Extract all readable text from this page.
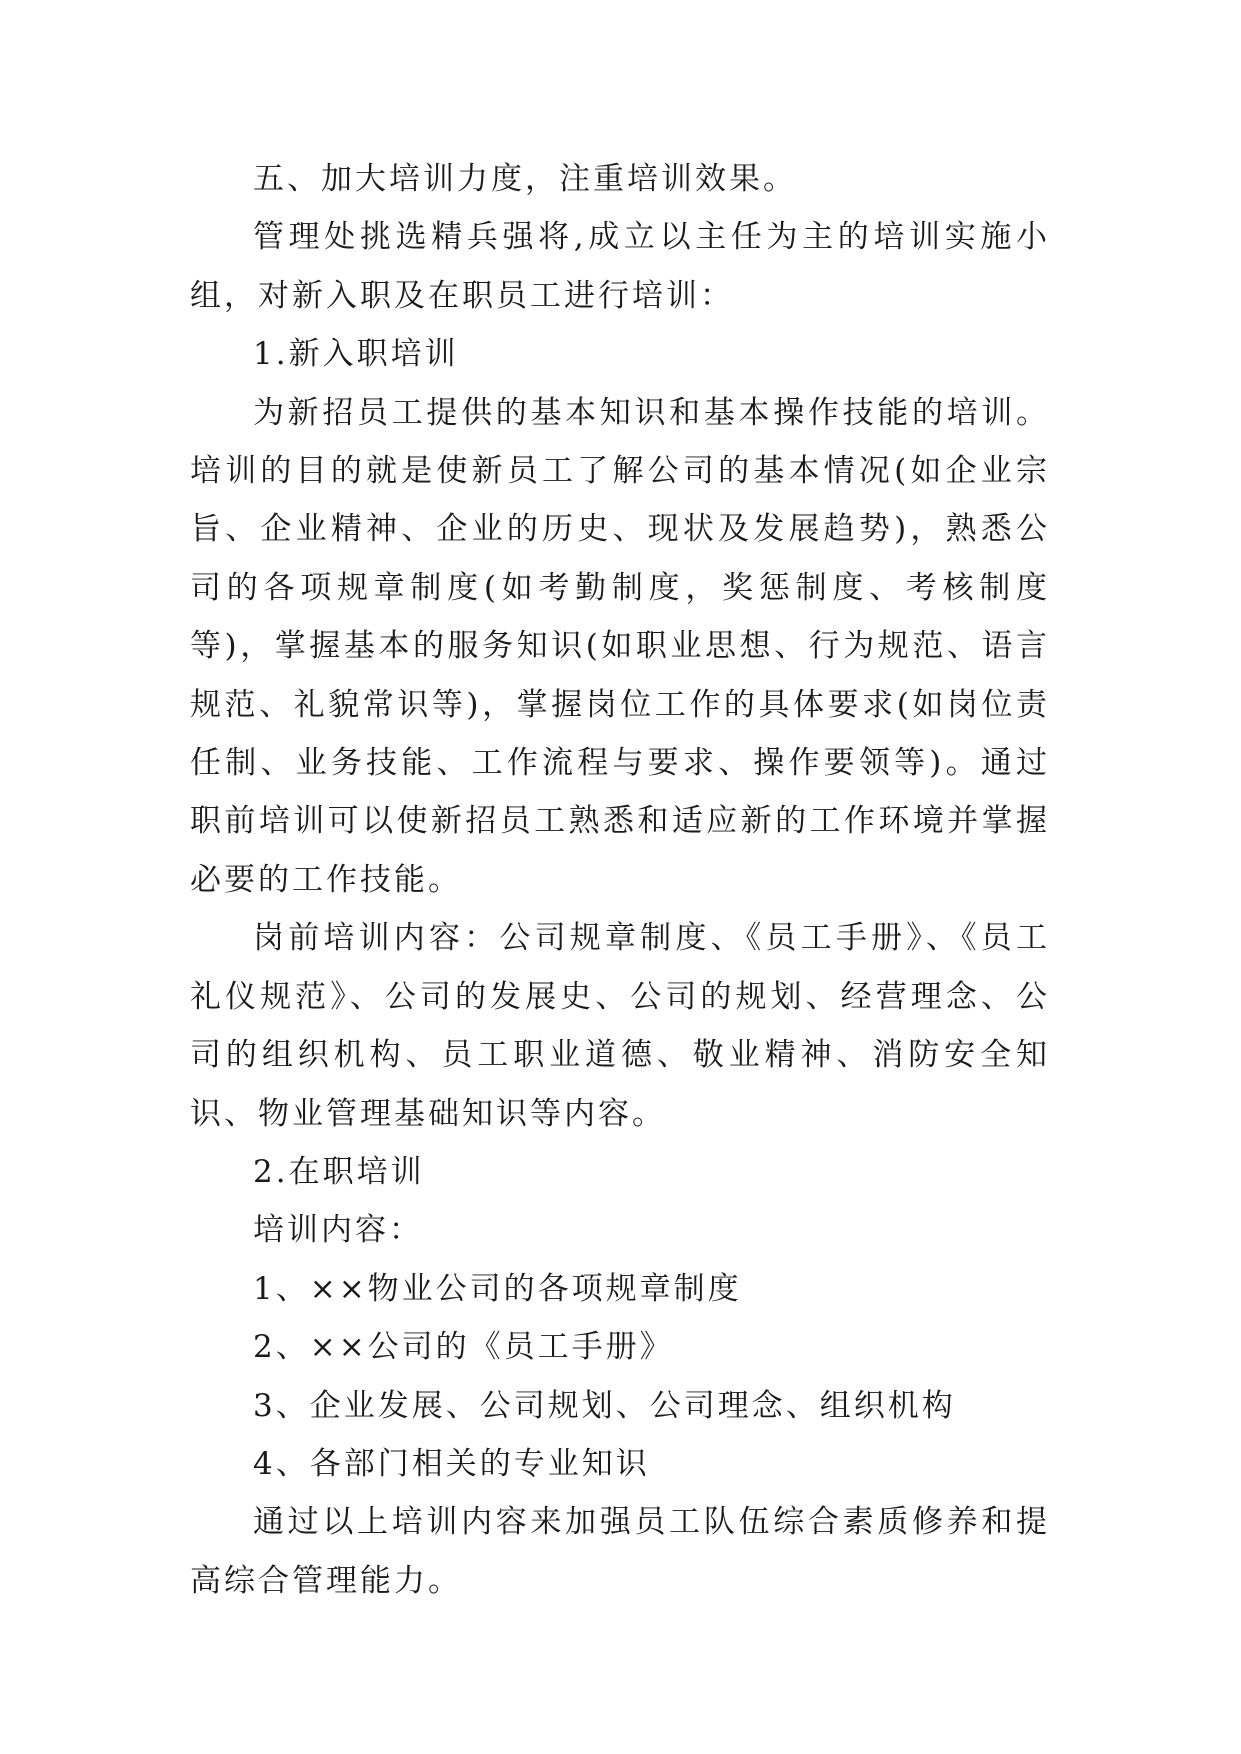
五、加大培训力度，注重培训效果。

管理处挑选精兵强将,成立以主任为主的培训实施小组，对新入职及在职员工进行培训：

1.新入职培训

为新招员工提供的基本知识和基本操作技能的培训。培训的目的就是使新员工了解公司的基本情况(如企业宗旨、企业精神、企业的历史、现状及发展趋势)，熟悉公司的各项规章制度(如考勤制度，奖惩制度、考核制度等)，掌握基本的服务知识(如职业思想、行为规范、语言规范、礼貌常识等)，掌握岗位工作的具体要求(如岗位责任制、业务技能、工作流程与要求、操作要领等)。通过职前培训可以使新招员工熟悉和适应新的工作环境并掌握必要的工作技能。

岗前培训内容：公司规章制度、《员工手册》、《员工礼仪规范》、公司的发展史、公司的规划、经营理念、公司的组织机构、员工职业道德、敬业精神、消防安全知识、物业管理基础知识等内容。

2.在职培训

培训内容：

1、××物业公司的各项规章制度

2、××公司的《员工手册》

3、企业发展、公司规划、公司理念、组织机构

4、各部门相关的专业知识

通过以上培训内容来加强员工队伍综合素质修养和提高综合管理能力。
